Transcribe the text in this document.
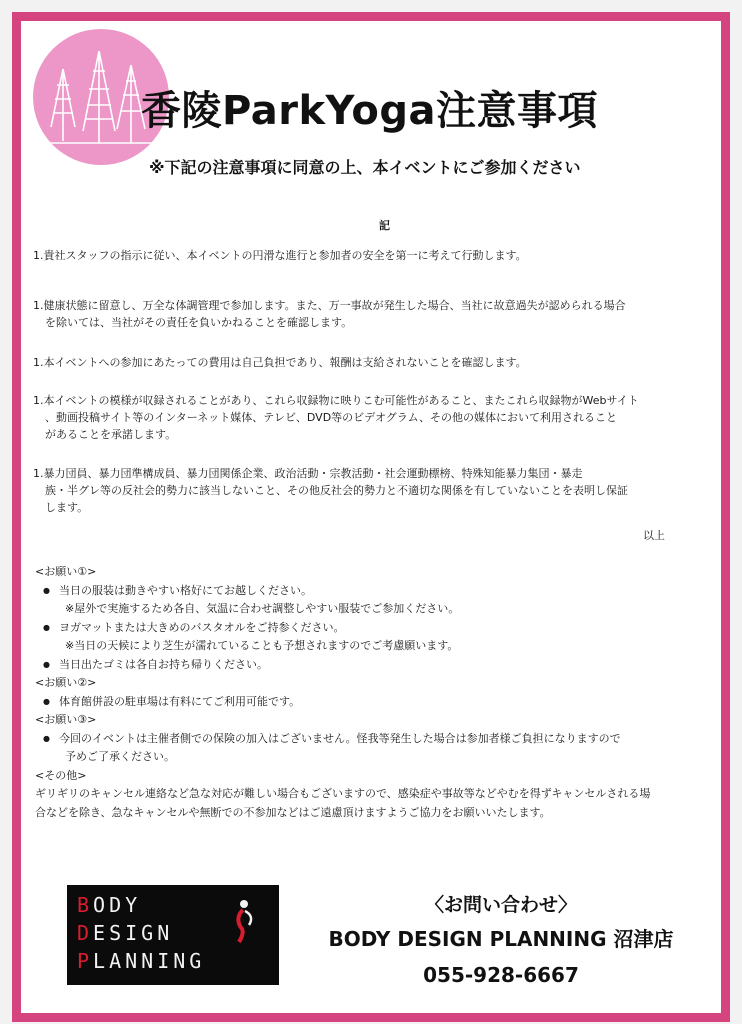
香陵ParkYoga注意事項
※下記の注意事項に同意の上、本イベントにご参加ください
記
1.貴社スタッフの指示に従い、本イベントの円滑な進行と参加者の安全を第一に考えて行動します。
1.健康状態に留意し、万全な体調管理で参加します。また、万一事故が発生した場合、当社に故意過失が認められる場合
を除いては、当社がその責任を負いかねることを確認します。
1.本イベントへの参加にあたっての費用は自己負担であり、報酬は支給されないことを確認します。
1.本イベントの模様が収録されることがあり、これら収録物に映りこむ可能性があること、またこれら収録物がWebサイト
、動画投稿サイト等のインターネット媒体、テレビ、DVD等のビデオグラム、その他の媒体において利用されること
があることを承諾します。
1.暴力団員、暴力団準構成員、暴力団関係企業、政治活動・宗教活動・社会運動標榜、特殊知能暴力集団・暴走
族・半グレ等の反社会的勢力に該当しないこと、その他反社会的勢力と不適切な関係を有していないことを表明し保証
します。
以上
<お願い①>
● 当日の服装は動きやすい格好にてお越しください。
※屋外で実施するため各自、気温に合わせ調整しやすい服装でご参加ください。
● ヨガマットまたは大きめのバスタオルをご持参ください。
※当日の天候により芝生が濡れていることも予想されますのでご考慮願います。
● 当日出たゴミは各自お持ち帰りください。
<お願い②>
● 体育館併設の駐車場は有料にてご利用可能です。
<お願い③>
● 今回のイベントは主催者側での保険の加入はございません。怪我等発生した場合は参加者様ご負担になりますので
予めご了承ください。
<その他>
ギリギリのキャンセル連絡など急な対応が難しい場合もございますので、感染症や事故等などやむを得ずキャンセルされる場
合などを除き、急なキャンセルや無断での不参加などはご遠慮頂けますようご協力をお願いいたします。
BODY
DESIGN
PLANNING
〈お問い合わせ〉
BODY DESIGN PLANNING 沼津店
055-928-6667
